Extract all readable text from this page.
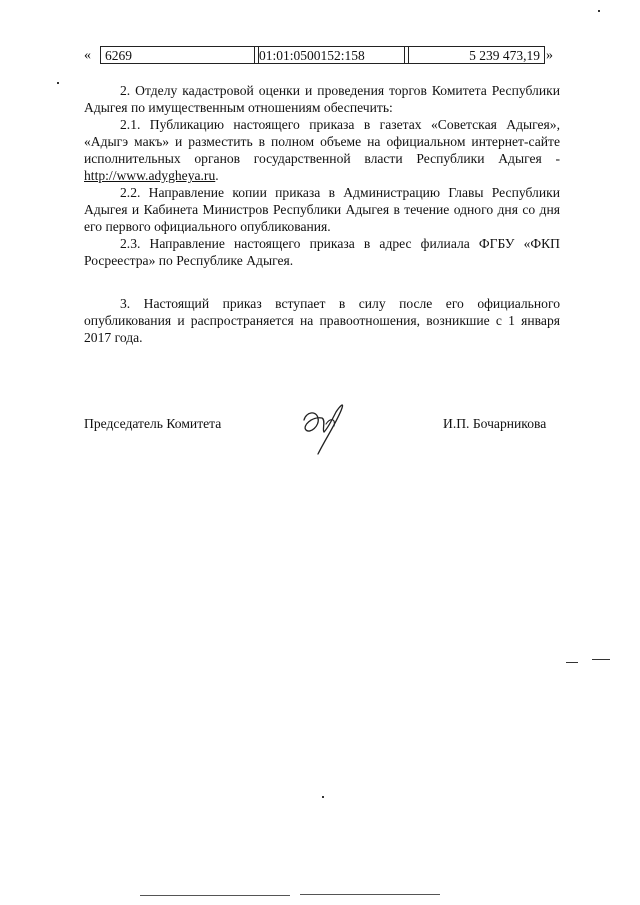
«	6269	01:01:0500152:158	5 239 473,19 »

2. Отделу кадастровой оценки и проведения торгов Комитета Республики Адыгея по имущественным отношениям обеспечить:

2.1. Публикацию настоящего приказа в газетах «Советская Адыгея», «Адыгэ макъ» и разместить в полном объеме на официальном интернет-сайте исполнительных органов государственной власти Республики Адыгея - http://www.adygheya.ru.

2.2. Направление копии приказа в Администрацию Главы Республики Адыгея и Кабинета Министров Республики Адыгея в течение одного дня со дня его первого официального опубликования.

2.3. Направление настоящего приказа в адрес филиала ФГБУ «ФКП Росреестра» по Республике Адыгея.

3. Настоящий приказ вступает в силу после его официального опубликования и распространяется на правоотношения, возникшие с 1 января 2017 года.

Председатель Комитета	И.П. Бочарникова
